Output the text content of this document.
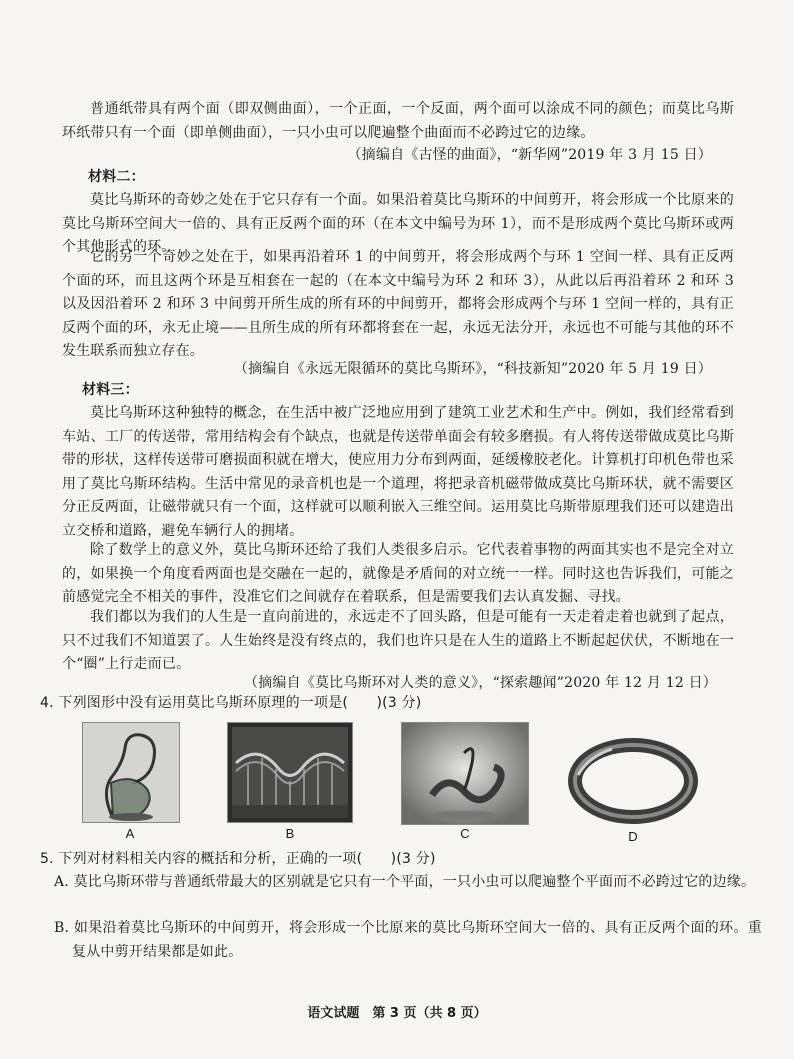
普通纸带具有两个面（即双侧曲面），一个正面，一个反面，两个面可以涂成不同的颜色；而莫比乌斯环纸带只有一个面（即单侧曲面），一只小虫可以爬遍整个曲面而不必跨过它的边缘。

（摘编自《古怪的曲面》，“新华网”2019 年 3 月 15 日）

材料二：

莫比乌斯环的奇妙之处在于它只存有一个面。如果沿着莫比乌斯环的中间剪开，将会形成一个比原来的莫比乌斯环空间大一倍的、具有正反两个面的环（在本文中编号为环 1），而不是形成两个莫比乌斯环或两个其他形式的环。

它的另一个奇妙之处在于，如果再沿着环 1 的中间剪开，将会形成两个与环 1 空间一样、具有正反两个面的环，而且这两个环是互相套在一起的（在本文中编号为环 2 和环 3），从此以后再沿着环 2 和环 3 以及因沿着环 2 和环 3 中间剪开所生成的所有环的中间剪开，都将会形成两个与环 1 空间一样的，具有正反两个面的环，永无止境——且所生成的所有环都将套在一起，永远无法分开，永远也不可能与其他的环不发生联系而独立存在。

（摘编自《永远无限循环的莫比乌斯环》，“科技新知”2020 年 5 月 19 日）

材料三：

莫比乌斯环这种独特的概念，在生活中被广泛地应用到了建筑工业艺术和生产中。例如，我们经常看到车站、工厂的传送带，常用结构会有个缺点，也就是传送带单面会有较多磨损。有人将传送带做成莫比乌斯带的形状，这样传送带可磨损面积就在增大，使应用力分布到两面，延缓橡胶老化。计算机打印机色带也采用了莫比乌斯环结构。生活中常见的录音机也是一个道理，将把录音机磁带做成莫比乌斯环状，就不需要区分正反两面，让磁带就只有一个面，这样就可以顺利嵌入三维空间。运用莫比乌斯带原理我们还可以建造出立交桥和道路，避免车辆行人的拥堵。

除了数学上的意义外，莫比乌斯环还给了我们人类很多启示。它代表着事物的两面其实也不是完全对立的，如果换一个角度看两面也是交融在一起的，就像是矛盾间的对立统一一样。同时这也告诉我们，可能之前感觉完全不相关的事件，没准它们之间就存在着联系，但是需要我们去认真发掘、寻找。

我们都以为我们的人生是一直向前进的，永远走不了回头路，但是可能有一天走着走着也就到了起点，只不过我们不知道罢了。人生始终是没有终点的，我们也许只是在人生的道路上不断起起伏伏，不断地在一个“圈”上行走而已。

（摘编自《莫比乌斯环对人类的意义》，“探索趣闻”2020 年 12 月 12 日）

4. 下列图形中没有运用莫比乌斯环原理的一项是(　　)(3 分)

A	B	C	D

5. 下列对材料相关内容的概括和分析，正确的一项(　　)(3 分)

A. 莫比乌斯环带与普通纸带最大的区别就是它只有一个平面，一只小虫可以爬遍整个平面而不必跨过它的边缘。

B. 如果沿着莫比乌斯环的中间剪开，将会形成一个比原来的莫比乌斯环空间大一倍的、具有正反两个面的环。重复从中剪开结果都是如此。

语文试题　第 3 页（共 8 页）
